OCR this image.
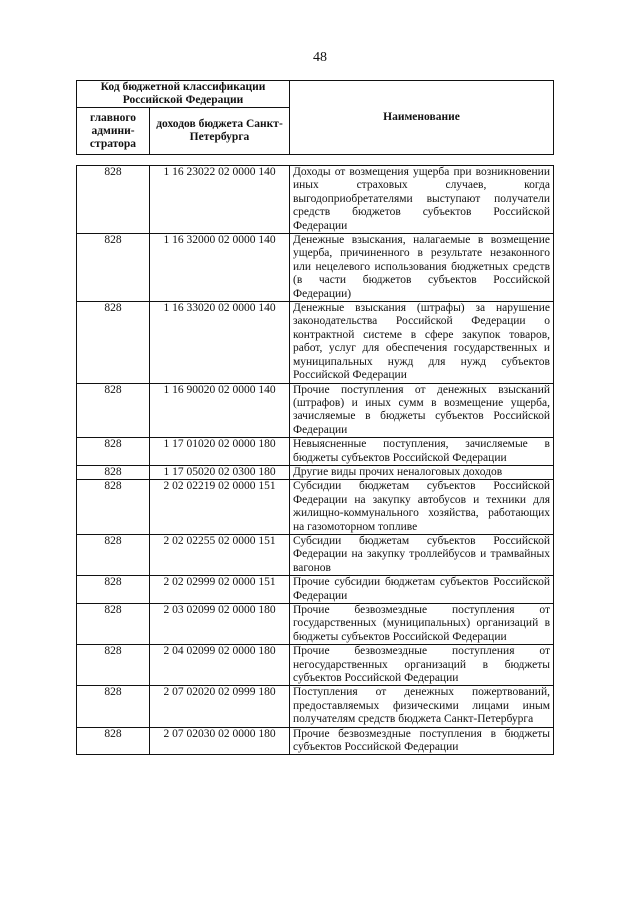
48
Код бюджетной классификации Российской Федерации		Наименование
главного админи-стратора	доходов бюджета Санкт-Петербурга	
828	1 16 23022 02 0000 140	Доходы от возмещения ущерба при возникновении иных страховых случаев, когда выгодоприобретателями выступают получатели средств бюджетов субъектов Российской Федерации
828	1 16 32000 02 0000 140	Денежные взыскания, налагаемые в возмещение ущерба, причиненного в результате незаконного или нецелевого использования бюджетных средств (в части бюджетов субъектов Российской Федерации)
828	1 16 33020 02 0000 140	Денежные взыскания (штрафы) за нарушение законодательства Российской Федерации о контрактной системе в сфере закупок товаров, работ, услуг для обеспечения государственных и муниципальных нужд для нужд субъектов Российской Федерации
828	1 16 90020 02 0000 140	Прочие поступления от денежных взысканий (штрафов) и иных сумм в возмещение ущерба, зачисляемые в бюджеты субъектов Российской Федерации
828	1 17 01020 02 0000 180	Невыясненные поступления, зачисляемые в бюджеты субъектов Российской Федерации
828	1 17 05020 02 0300 180	Другие виды прочих неналоговых доходов
828	2 02 02219 02 0000 151	Субсидии бюджетам субъектов Российской Федерации на закупку автобусов и техники для жилищно-коммунального хозяйства, работающих на газомоторном топливе
828	2 02 02255 02 0000 151	Субсидии бюджетам субъектов Российской Федерации на закупку троллейбусов и трамвайных вагонов
828	2 02 02999 02 0000 151	Прочие субсидии бюджетам субъектов Российской Федерации
828	2 03 02099 02 0000 180	Прочие безвозмездные поступления от государственных (муниципальных) организаций в бюджеты субъектов Российской Федерации
828	2 04 02099 02 0000 180	Прочие безвозмездные поступления от негосударственных организаций в бюджеты субъектов Российской Федерации
828	2 07 02020 02 0999 180	Поступления от денежных пожертвований, предоставляемых физическими лицами иным получателям средств бюджета Санкт-Петербурга
828	2 07 02030 02 0000 180	Прочие безвозмездные поступления в бюджеты субъектов Российской Федерации
